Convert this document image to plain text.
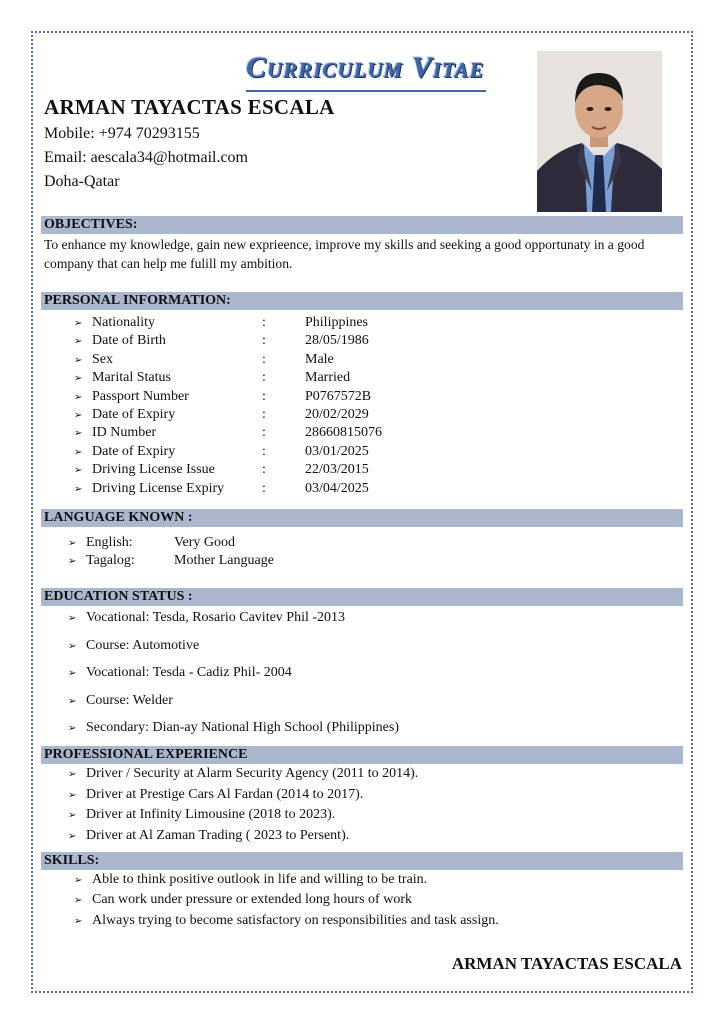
Curriculum Vitae
ARMAN TAYACTAS ESCALA
Mobile: +974 70293155
Email: aescala34@hotmail.com
Doha-Qatar
OBJECTIVES:
To enhance my knowledge, gain new exprieence, improve my skills and seeking a good opportunaty in a good company that can help me fulill my ambition.
PERSONAL INFORMATION:
➢ Nationality	:	Philippines
➢ Date of Birth	:	28/05/1986
➢ Sex	:	Male
➢ Marital Status	:	Married
➢ Passport Number	:	P0767572B
➢ Date of Expiry	:	20/02/2029
➢ ID Number	:	28660815076
➢ Date of Expiry	:	03/01/2025
➢ Driving License Issue	:	22/03/2015
➢ Driving License Expiry	:	03/04/2025
LANGUAGE KNOWN :
➢ English:	Very Good
➢ Tagalog:	Mother Language
EDUCATION STATUS :
➢ Vocational: Tesda, Rosario Cavitev Phil -2013
➢ Course: Automotive
➢ Vocational: Tesda - Cadiz Phil- 2004
➢ Course: Welder
➢ Secondary: Dian-ay National High School (Philippines)
PROFESSIONAL EXPERIENCE
➢ Driver / Security at Alarm Security Agency (2011 to 2014).
➢ Driver at Prestige Cars Al Fardan (2014 to 2017).
➢ Driver at Infinity Limousine (2018 to 2023).
➢ Driver at Al Zaman Trading ( 2023 to Persent).
SKILLS:
➢ Able to think positive outlook in life and willing to be train.
➢ Can work under pressure or extended long hours of work
➢ Always trying to become satisfactory on responsibilities and task assign.
ARMAN TAYACTAS ESCALA
